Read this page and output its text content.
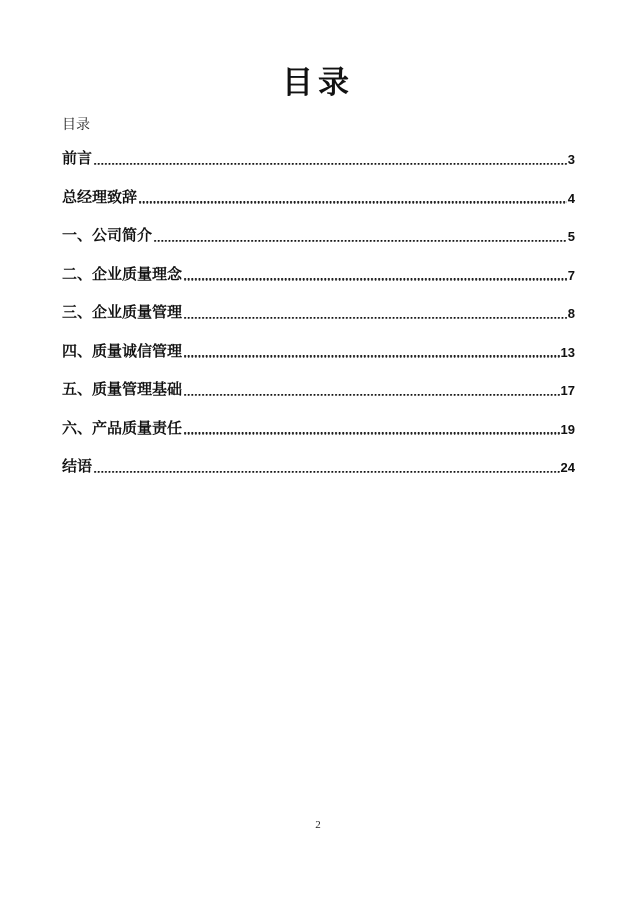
目录
目录
前言	3
总经理致辞	4
一、公司简介	5
二、企业质量理念	7
三、企业质量管理	8
四、质量诚信管理	13
五、质量管理基础	17
六、产品质量责任	19
结语	24
2
